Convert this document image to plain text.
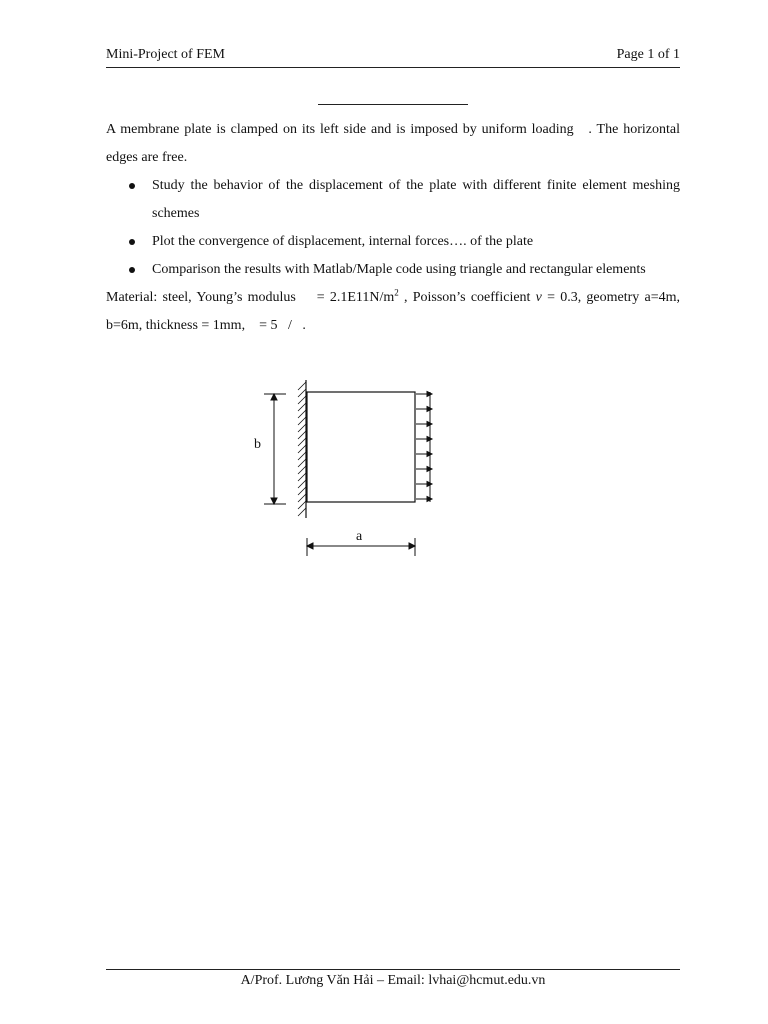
Mini-Project of FEM	Page 1 of 1

A membrane plate is clamped on its left side and is imposed by uniform loading . The horizontal edges are free.

Study the behavior of the displacement of the plate with different finite element meshing schemes
Plot the convergence of displacement, internal forces…. of the plate
Comparison the results with Matlab/Maple code using triangle and rectangular elements

Material: steel, Young’s modulus = $2.1E11N/m^2$ , Poisson’s coefficient ν = 0.3, geometry a=4m, b=6m, thickness = 1mm, = 5 / .

b
a
A/Prof. Lương Văn Hải – Email: lvhai@hcmut.edu.vn
